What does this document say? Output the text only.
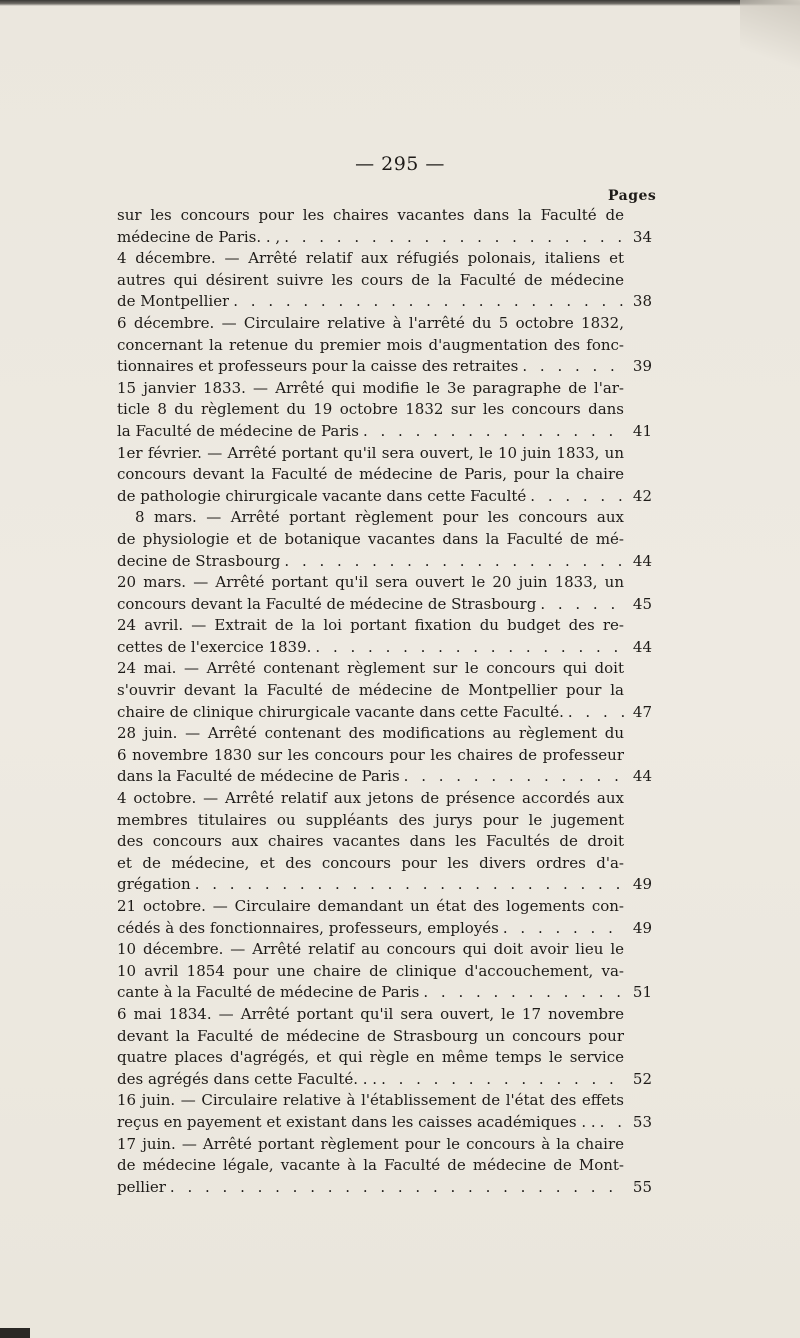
— 295 —
Pages
sur les concours pour les chaires vacantes dans la Faculté de
médecine de Paris. . , . . .	34
4 décembre. — Arrêté relatif aux réfugiés polonais, italiens et
autres qui désirent suivre les cours de la Faculté de médecine
de Montpellier . . .	38
6 décembre. — Circulaire relative à l'arrêté du 5 octobre 1832,
concernant la retenue du premier mois d'augmentation des fonc-
tionnaires et professeurs pour la caisse des retraites . . .	39
15 janvier 1833. — Arrêté qui modifie le 3e paragraphe de l'ar-
ticle 8 du règlement du 19 octobre 1832 sur les concours dans
la Faculté de médecine de Paris . . .	41
1er février. — Arrêté portant qu'il sera ouvert, le 10 juin 1833, un
concours devant la Faculté de médecine de Paris, pour la chaire
de pathologie chirurgicale vacante dans cette Faculté . . .	42
8 mars. — Arrêté portant règlement pour les concours aux
de physiologie et de botanique vacantes dans la Faculté de mé-
decine de Strasbourg . . .	44
20 mars. — Arrêté portant qu'il sera ouvert le 20 juin 1833, un
concours devant la Faculté de médecine de Strasbourg . . .	45
24 avril. — Extrait de la loi portant fixation du budget des re-
cettes de l'exercice 1839. . . .	44
24 mai. — Arrêté contenant règlement sur le concours qui doit
s'ouvrir devant la Faculté de médecine de Montpellier pour la
chaire de clinique chirurgicale vacante dans cette Faculté. . . .	47
28 juin. — Arrêté contenant des modifications au règlement du
6 novembre 1830 sur les concours pour les chaires de professeur
dans la Faculté de médecine de Paris . . .	44
4 octobre. — Arrêté relatif aux jetons de présence accordés aux
membres titulaires ou suppléants des jurys pour le jugement
des concours aux chaires vacantes dans les Facultés de droit
et de médecine, et des concours pour les divers ordres d'a-
grégation . . .	49
21 octobre. — Circulaire demandant un état des logements con-
cédés à des fonctionnaires, professeurs, employés . . .	49
10 décembre. — Arrêté relatif au concours qui doit avoir lieu le
10 avril 1854 pour une chaire de clinique d'accouchement, va-
cante à la Faculté de médecine de Paris . . .	51
6 mai 1834. — Arrêté portant qu'il sera ouvert, le 17 novembre
devant la Faculté de médecine de Strasbourg un concours pour
quatre places d'agrégés, et qui règle en même temps le service
des agrégés dans cette Faculté. . . . . .	52
16 juin. — Circulaire relative à l'établissement de l'état des effets
reçus en payement et existant dans les caisses académiques . . . . .	53
17 juin. — Arrêté portant règlement pour le concours à la chaire
de médecine légale, vacante à la Faculté de médecine de Mont-
pellier . . .	55
